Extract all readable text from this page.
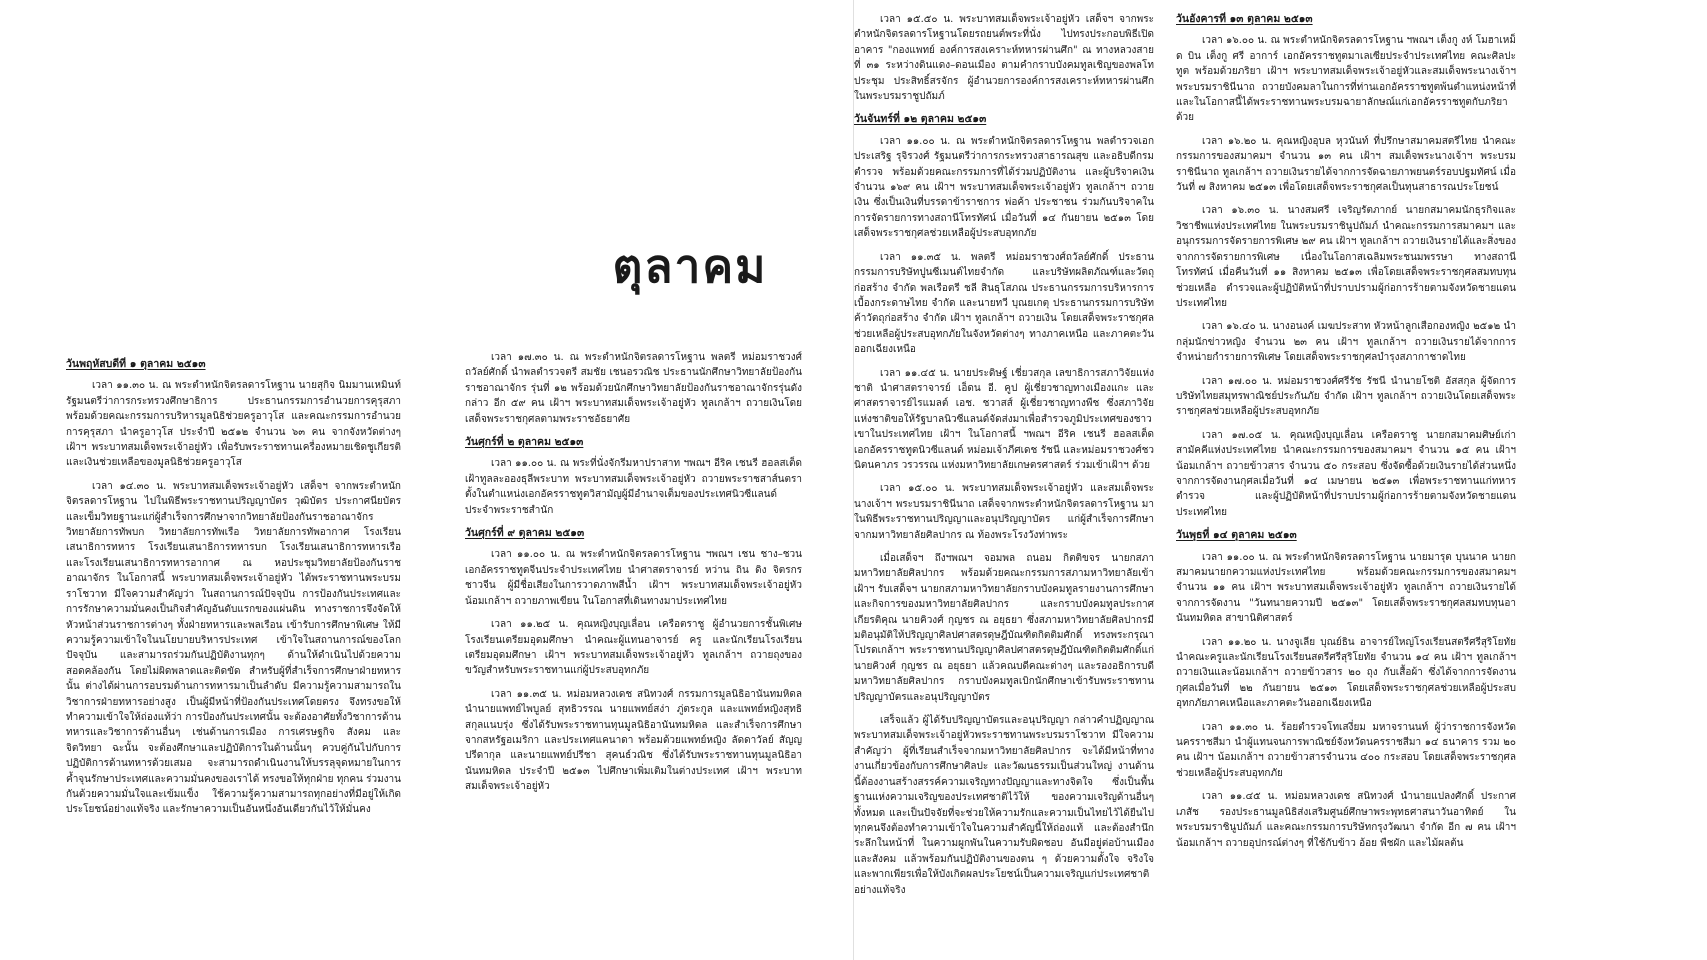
วันพฤหัสบดีที่ ๑ ตุลาคม ๒๕๑๓

เวลา ๑๑.๓๐ น. ณ พระตำหนักจิตรลดารโหฐาน นายสุกิจ นิมมานเหมินท์ รัฐมนตรีว่าการกระทรวงศึกษาธิการ ประธานกรรมการอำนวยการคุรุสภา พร้อมด้วยคณะกรรมการบริหารมูลนิธิช่วยครูอาวุโส และคณะกรรมการอำนวยการคุรุสภา นำครูอาวุโส ประจำปี ๒๕๑๒ จำนวน ๖๓ คน จากจังหวัดต่างๆ เฝ้าฯ พระบาทสมเด็จพระเจ้าอยู่หัว เพื่อรับพระราชทานเครื่องหมายเชิดชูเกียรติและเงินช่วยเหลือของมูลนิธิช่วยครูอาวุโส

เวลา ๑๔.๓๐ น. พระบาทสมเด็จพระเจ้าอยู่หัว เสด็จฯ จากพระตำหนักจิตรลดารโหฐาน ไปในพิธีพระราชทานปริญญาบัตร วุฒิบัตร ประกาศนียบัตร และเข็มวิทยฐานะแก่ผู้สำเร็จการศึกษาจากวิทยาลัยป้องกันราชอาณาจักร วิทยาลัยการทัพบก วิทยาลัยการทัพเรือ วิทยาลัยการทัพอากาศ โรงเรียนเสนาธิการทหาร โรงเรียนเสนาธิการทหารบก โรงเรียนเสนาธิการทหารเรือ และโรงเรียนเสนาธิการทหารอากาศ ณ หอประชุมวิทยาลัยป้องกันราชอาณาจักร ในโอกาสนี้ พระบาทสมเด็จพระเจ้าอยู่หัว ได้พระราชทานพระบรมราโชวาท มีใจความสำคัญว่า ในสถานการณ์ปัจจุบัน การป้องกันประเทศและการรักษาความมั่นคงเป็นกิจสำคัญอันดับแรกของแผ่นดิน ทางราชการจึงจัดให้หัวหน้าส่วนราชการต่างๆ ทั้งฝ่ายทหารและพลเรือน เข้ารับการศึกษาพิเศษ ให้มีความรู้ความเข้าใจในนโยบายบริหารประเทศ เข้าใจในสถานการณ์ของโลกปัจจุบัน และสามารถร่วมกันปฏิบัติงานทุกๆ ด้านให้ดำเนินไปด้วยความสอดคล้องกัน โดยไม่ผิดพลาดและติดขัด สำหรับผู้ที่สำเร็จการศึกษาฝ่ายทหารนั้น ต่างได้ผ่านการอบรมด้านการทหารมาเป็นลำดับ มีความรู้ความสามารถในวิชาการฝ่ายทหารอย่างสูง เป็นผู้มีหน้าที่ป้องกันประเทศโดยตรง จึงทรงขอให้ทำความเข้าใจให้ถ่องแท้ว่า การป้องกันประเทศนั้น จะต้องอาศัยทั้งวิชาการด้านทหารและวิชาการด้านอื่นๆ เช่นด้านการเมือง การเศรษฐกิจ สังคม และจิตวิทยา ฉะนั้น จะต้องศึกษาและปฏิบัติการในด้านนั้นๆ ควบคู่กันไปกับการปฏิบัติการด้านทหารด้วยเสมอ จะสามารถดำเนินงานให้บรรลุจุดหมายในการค้ำจุนรักษาประเทศและความมั่นคงของเราได้ ทรงขอให้ทุกฝ่าย ทุกคน ร่วมงานกันด้วยความมั่นใจและเข้มแข็ง ใช้ความรู้ความสามารถทุกอย่างที่มีอยู่ให้เกิดประโยชน์อย่างแท้จริง และรักษาความเป็นอันหนึ่งอันเดียวกันไว้ให้มั่นคง

ตุลาคม

เวลา ๑๗.๓๐ น. ณ พระตำหนักจิตรลดารโหฐาน พลตรี หม่อมราชวงศ์ถวัลย์ศักดิ์ นำพลตำรวจตรี สมชัย เชนอรวณิช ประธานนักศึกษาวิทยาลัยป้องกันราชอาณาจักร รุ่นที่ ๑๒ พร้อมด้วยนักศึกษาวิทยาลัยป้องกันราชอาณาจักรรุ่นดังกล่าว อีก ๕๙ คน เฝ้าฯ พระบาทสมเด็จพระเจ้าอยู่หัว ทูลเกล้าฯ ถวายเงินโดยเสด็จพระราชกุศลตามพระราชอัธยาศัย

วันศุกร์ที่ ๒ ตุลาคม ๒๕๑๓

เวลา ๑๑.๐๐ น. ณ พระที่นั่งจักรีมหาปราสาท ฯพณฯ อีริค เชนรี ฮอลสเต็ด เฝ้าทูลละอองธุลีพระบาท พระบาทสมเด็จพระเจ้าอยู่หัว ถวายพระราชสาส์นตราตั้งในตำแหน่งเอกอัครราชทูตวิสามัญผู้มีอำนาจเต็มของประเทศนิวซีแลนด์ประจำพระราชสำนัก

วันศุกร์ที่ ๙ ตุลาคม ๒๕๑๓

เวลา ๑๑.๐๐ น. ณ พระตำหนักจิตรลดารโหฐาน ฯพณฯ เชน ชาง–ชวน เอกอัครราชทูตจีนประจำประเทศไทย นำศาสตราจารย์ หว่าน ถิน ดิง จิตรกรชาวจีน ผู้มีชื่อเสียงในการวาดภาพสีน้ำ เฝ้าฯ พระบาทสมเด็จพระเจ้าอยู่หัว น้อมเกล้าฯ ถวายภาพเขียน ในโอกาสที่เดินทางมาประเทศไทย

เวลา ๑๑.๒๕ น. คุณหญิงบุญเลื่อน เครือตราชู ผู้อำนวยการชั้นพิเศษ โรงเรียนเตรียมอุดมศึกษา นำคณะผู้แทนอาจารย์ ครู และนักเรียนโรงเรียนเตรียมอุดมศึกษา เฝ้าฯ พระบาทสมเด็จพระเจ้าอยู่หัว ทูลเกล้าฯ ถวายถุงของขวัญสำหรับพระราชทานแก่ผู้ประสบอุทกภัย

เวลา ๑๑.๓๕ น. หม่อมหลวงเดช สนิทวงศ์ กรรมการมูลนิธิอานันทมหิดล นำนายแพทย์ไพบูลย์ สุทธิวรรณ นายแพทย์สง่า ภู่ตระกูล และแพทย์หญิงสุทธิ สกุลแนบรุ่ง ซึ่งได้รับพระราชทานทุนมูลนิธิอานันทมหิดล และสำเร็จการศึกษาจากสหรัฐอเมริกา และประเทศแคนาดา พร้อมด้วยแพทย์หญิง ลัดดาวัลย์ สัญญปรีดากุล และนายแพทย์ปรีชา สุคนธ์วณิช ซึ่งได้รับพระราชทานทุนมูลนิธิอานันทมหิดล ประจำปี ๒๕๑๓ ไปศึกษาเพิ่มเติมในต่างประเทศ เฝ้าฯ พระบาทสมเด็จพระเจ้าอยู่หัว

เวลา ๑๕.๕๐ น. พระบาทสมเด็จพระเจ้าอยู่หัว เสด็จฯ จากพระตำหนักจิตรลดารโหฐานโดยรถยนต์พระที่นั่ง ไปทรงประกอบพิธีเปิดอาคาร "กองแพทย์ องค์การสงเคราะห์ทหารผ่านศึก" ณ ทางหลวงสายที่ ๓๑ ระหว่างดินแดง–ดอนเมือง ตามคำกราบบังคมทูลเชิญของพลโท ประชุม ประสิทธิ์สรจักร ผู้อำนวยการองค์การสงเคราะห์ทหารผ่านศึก ในพระบรมราชูปถัมภ์

วันจันทร์ที่ ๑๒ ตุลาคม ๒๕๑๓

เวลา ๑๑.๐๐ น. ณ พระตำหนักจิตรลดารโหฐาน พลตำรวจเอกประเสริฐ รุจิรวงศ์ รัฐมนตรีว่าการกระทรวงสาธารณสุข และอธิบดีกรมตำรวจ พร้อมด้วยคณะกรรมการที่ได้ร่วมปฏิบัติงาน และผู้บริจาคเงิน จำนวน ๑๖๙ คน เฝ้าฯ พระบาทสมเด็จพระเจ้าอยู่หัว ทูลเกล้าฯ ถวายเงิน ซึ่งเป็นเงินที่บรรดาข้าราชการ พ่อค้า ประชาชน ร่วมกันบริจาคในการจัดรายการทางสถานีโทรทัศน์ เมื่อวันที่ ๑๔ กันยายน ๒๕๑๓ โดยเสด็จพระราชกุศลช่วยเหลือผู้ประสบอุทกภัย

เวลา ๑๑.๓๕ น. พลตรี หม่อมราชวงศ์ถวัลย์ศักดิ์ ประธานกรรมการบริษัทปูนซีเมนต์ไทยจำกัด และบริษัทผลิตภัณฑ์และวัตถุก่อสร้าง จำกัด พลเรือตรี ชลี สินธุโสภณ ประธานกรรมการบริหารการเบื้องกระดาษไทย จำกัด และนายทวี บุณยเกตุ ประธานกรรมการบริษัทค้าวัตถุก่อสร้าง จำกัด เฝ้าฯ ทูลเกล้าฯ ถวายเงิน โดยเสด็จพระราชกุศลช่วยเหลือผู้ประสบอุทกภัยในจังหวัดต่างๆ ทางภาคเหนือ และภาคตะวันออกเฉียงเหนือ

เวลา ๑๑.๔๕ น. นายประดิษฐ์ เชี่ยวสกุล เลขาธิการสภาวิจัยแห่งชาติ นำศาสตราจารย์ เอ็ดน อี. คูป ผู้เชี่ยวชาญทางเมืองแกะ และศาสตราจารย์ไรแมลต์ เอช. ชวาสส์ ผู้เชี่ยวชาญทางพืช ซึ่งสภาวิจัยแห่งชาติขอให้รัฐบาลนิวซีแลนด์จัดส่งมาเพื่อสำรวจภูมิประเทศของชาวเขาในประเทศไทย เฝ้าฯ ในโอกาสนี้ ฯพณฯ อีริค เชนรี ฮอลสเต็ด เอกอัครราชทูตนิวซีแลนด์ หม่อมเจ้าภีศเดช รัชนี และหม่อมราชวงศ์ชวนิตนคาภร วรวรรณ แห่งมหาวิทยาลัยเกษตรศาสตร์ ร่วมเข้าเฝ้าฯ ด้วย

เวลา ๑๕.๐๐ น. พระบาทสมเด็จพระเจ้าอยู่หัว และสมเด็จพระนางเจ้าฯ พระบรมราชินีนาถ เสด็จจากพระตำหนักจิตรลดารโหฐาน มาในพิธีพระราชทานปริญญาและอนุปริญญาบัตร แก่ผู้สำเร็จการศึกษาจากมหาวิทยาลัยศิลปากร ณ ท้องพระโรงวังท่าพระ

เมื่อเสด็จฯ ถึงฯพณฯ จอมพล ถนอม กิตติขจร นายกสภามหาวิทยาลัยศิลปากร พร้อมด้วยคณะกรรมการสภามหาวิทยาลัยเข้าเฝ้าฯ รับเสด็จฯ นายกสภามหาวิทยาลัยกราบบังคมทูลรายงานการศึกษาและกิจการของมหาวิทยาลัยศิลปากร และกราบบังคมทูลประกาศเกียรติคุณ นายคิวงศ์ กุญชร ณ อยุธยา ซึ่งสภามหาวิทยาลัยศิลปากรมีมติอนุมัติให้ปริญญาศิลปศาสตรดุษฎีบัณฑิตกิตติมศักดิ์ ทรงพระกรุณาโปรดเกล้าฯ พระราชทานปริญญาศิลปศาสตรดุษฎีบัณฑิตกิตติมศักดิ์แก่ นายคิวงศ์ กุญชร ณ อยุธยา แล้วคณบดีคณะต่างๆ และรองอธิการบดีมหาวิทยาลัยศิลปากร กราบบังคมทูลเบิกนักศึกษาเข้ารับพระราชทานปริญญาบัตรและอนุปริญญาบัตร

เสร็จแล้ว ผู้ได้รับปริญญาบัตรและอนุปริญญา กล่าวคำปฏิญญาณ พระบาทสมเด็จพระเจ้าอยู่หัวพระราชทานพระบรมราโชวาท มีใจความสำคัญว่า ผู้ที่เรียนสำเร็จจากมหาวิทยาลัยศิลปากร จะได้มีหน้าที่ทางงานเกี่ยวข้องกับการศึกษาศิลปะ และวัฒนธรรมเป็นส่วนใหญ่ งานด้านนี้ต้องงานสร้างสรรค์ความเจริญทางปัญญาและทางจิตใจ ซึ่งเป็นพื้นฐานแห่งความเจริญของประเทศชาติไว้ให้ ของความเจริญด้านอื่นๆ ทั้งหมด และเป็นปัจจัยที่จะช่วยให้ความรักและความเป็นไทยไว้ได้ยืนไป ทุกคนจึงต้องทำความเข้าใจในความสำคัญนี้ให้ถ่องแท้ และต้องสำนึกระลึกในหน้าที่ ในความผูกพันในความรับผิดชอบ อันมีอยู่ต่อบ้านเมืองและสังคม แล้วพร้อมกันปฏิบัติงานของตน ๆ ด้วยความตั้งใจ จริงใจ และพากเพียรเพื่อให้บังเกิดผลประโยชน์เป็นความเจริญแก่ประเทศชาติอย่างแท้จริง

วันอังคารที่ ๑๓ ตุลาคม ๒๕๑๓

เวลา ๑๖.๐๐ น. ณ พระตำหนักจิตรลดารโหฐาน ฯพณฯ เต็งกู งห์ โมฮาเหม็ด บิน เต็งกู ศรี อาการ์ เอกอัครราชทูตมาเลเซียประจำประเทศไทย คณะศิลปะทูต พร้อมด้วยภริยา เฝ้าฯ พระบาทสมเด็จพระเจ้าอยู่หัวและสมเด็จพระนางเจ้าฯ พระบรมราชินีนาถ ถวายบังคมลาในการที่ท่านเอกอัครราชทูตพ้นตำแหน่งหน้าที่ และในโอกาสนี้ได้พระราชทานพระบรมฉายาลักษณ์แก่เอกอัครราชทูตกับภริยาด้วย

เวลา ๑๖.๒๐ น. คุณหญิงอุบล หุวนันท์ ที่ปรึกษาสมาคมสตรีไทย นำคณะกรรมการของสมาคมฯ จำนวน ๑๓ คน เฝ้าฯ สมเด็จพระนางเจ้าฯ พระบรมราชินีนาถ ทูลเกล้าฯ ถวายเงินรายได้จากการจัดฉายภาพยนตร์รอบปฐมทัศน์ เมื่อวันที่ ๗ สิงหาคม ๒๕๑๓ เพื่อโดยเสด็จพระราชกุศลเป็นทุนสาธารณประโยชน์

เวลา ๑๖.๓๐ น. นางสมศรี เจริญรัตภากย์ นายกสมาคมนักธุรกิจและวิชาชีพแห่งประเทศไทย ในพระบรมราชินูปถัมภ์ นำคณะกรรมการสมาคมฯ และอนุกรรมการจัดรายการพิเศษ ๒๙ คน เฝ้าฯ ทูลเกล้าฯ ถวายเงินรายได้และสิ่งของจากการจัดรายการพิเศษ เนื่องในโอกาสเฉลิมพระชนมพรรษา ทางสถานีโทรทัศน์ เมื่อคืนวันที่ ๑๑ สิงหาคม ๒๕๑๓ เพื่อโดยเสด็จพระราชกุศลสมทบทุนช่วยเหลือ ตำรวจและผู้ปฏิบัติหน้าที่ปราบปรามผู้ก่อการร้ายตามจังหวัดชายแดนประเทศไทย

เวลา ๑๖.๔๐ น. นางอนงค์ เมฆประสาท หัวหน้าลูกเสือกองหญิง ๒๕๑๒ นำกลุ่มนักข่าวหญิง จำนวน ๒๓ คน เฝ้าฯ ทูลเกล้าฯ ถวายเงินรายได้จากการจำหน่ายกำรายการพิเศษ โดยเสด็จพระราชกุศลบำรุงสภากาชาดไทย

เวลา ๑๗.๐๐ น. หม่อมราชวงศ์ศรีรัช รัชนี นำนายโชติ อัสสกุล ผู้จัดการบริษัทไทยสมุทรพาณิชย์ประกันภัย จำกัด เฝ้าฯ ทูลเกล้าฯ ถวายเงินโดยเสด็จพระราชกุศลช่วยเหลือผู้ประสบอุทกภัย

เวลา ๑๗.๐๕ น. คุณหญิงบุญเลื่อน เครือตราชู นายกสมาคมศิษย์เก่าสามัคคีแห่งประเทศไทย นำคณะกรรมการของสมาคมฯ จำนวน ๑๕ คน เฝ้าฯ น้อมเกล้าฯ ถวายข้าวสาร จำนวน ๕๐ กระสอบ ซึ่งจัดซื้อด้วยเงินรายได้ส่วนหนึ่งจากการจัดงานกุศลเมื่อวันที่ ๑๔ เมษายน ๒๕๑๓ เพื่อพระราชทานแก่ทหาร ตำรวจ และผู้ปฏิบัติหน้าที่ปราบปรามผู้ก่อการร้ายตามจังหวัดชายแดนประเทศไทย

วันพุธที่ ๑๔ ตุลาคม ๒๕๑๓

เวลา ๑๑.๐๐ น. ณ พระตำหนักจิตรลดารโหฐาน นายมารุต บุนนาค นายกสมาคมนายกความแห่งประเทศไทย พร้อมด้วยคณะกรรมการของสมาคมฯ จำนวน ๑๑ คน เฝ้าฯ พระบาทสมเด็จพระเจ้าอยู่หัว ทูลเกล้าฯ ถวายเงินรายได้จากการจัดงาน "วันทนายความปี ๒๕๑๓" โดยเสด็จพระราชกุศลสมทบทุนอานันทมหิดล สาขานิติศาสตร์

เวลา ๑๑.๒๐ น. นางจูเลีย บุณย์ธิน อาจารย์ใหญ่โรงเรียนสตรีศรีสุริโยทัย นำคณะครูและนักเรียนโรงเรียนสตรีศรีสุริโยทัย จำนวน ๑๔ คน เฝ้าฯ ทูลเกล้าฯ ถวายเงินและน้อมเกล้าฯ ถวายข้าวสาร ๒๐ ถุง กับเสื้อผ้า ซึ่งได้จากการจัดงานกุศลเมื่อวันที่ ๒๒ กันยายน ๒๕๑๓ โดยเสด็จพระราชกุศลช่วยเหลือผู้ประสบอุทกภัยภาคเหนือและภาคตะวันออกเฉียงเหนือ

เวลา ๑๑.๓๐ น. ร้อยตำรวจโทเสงี่ยม มหาจรานนท์ ผู้ว่าราชการจังหวัดนครราชสีมา นำผู้แทนจนการพาณิชย์จังหวัดนครราชสีมา ๑๔ ธนาคาร รวม ๒๐ คน เฝ้าฯ น้อมเกล้าฯ ถวายข้าวสารจำนวน ๔๐๐ กระสอบ โดยเสด็จพระราชกุศลช่วยเหลือผู้ประสบอุทกภัย

เวลา ๑๑.๔๕ น. หม่อมหลวงเดช สนิทวงศ์ นำนายแปลงศักดิ์ ประกาศเภสัช รองประธานมูลนิธิส่งเสริมศูนย์ศึกษาพระพุทธศาสนาวันอาทิตย์ ในพระบรมราชินูปถัมภ์ และคณะกรรมการบริษัทกรุงวัฒนา จำกัด อีก ๗ คน เฝ้าฯ น้อมเกล้าฯ ถวายอุปกรณ์ต่างๆ ที่ใช้กับข้าว อ้อย พืชผัก และไม้ผลต้น
